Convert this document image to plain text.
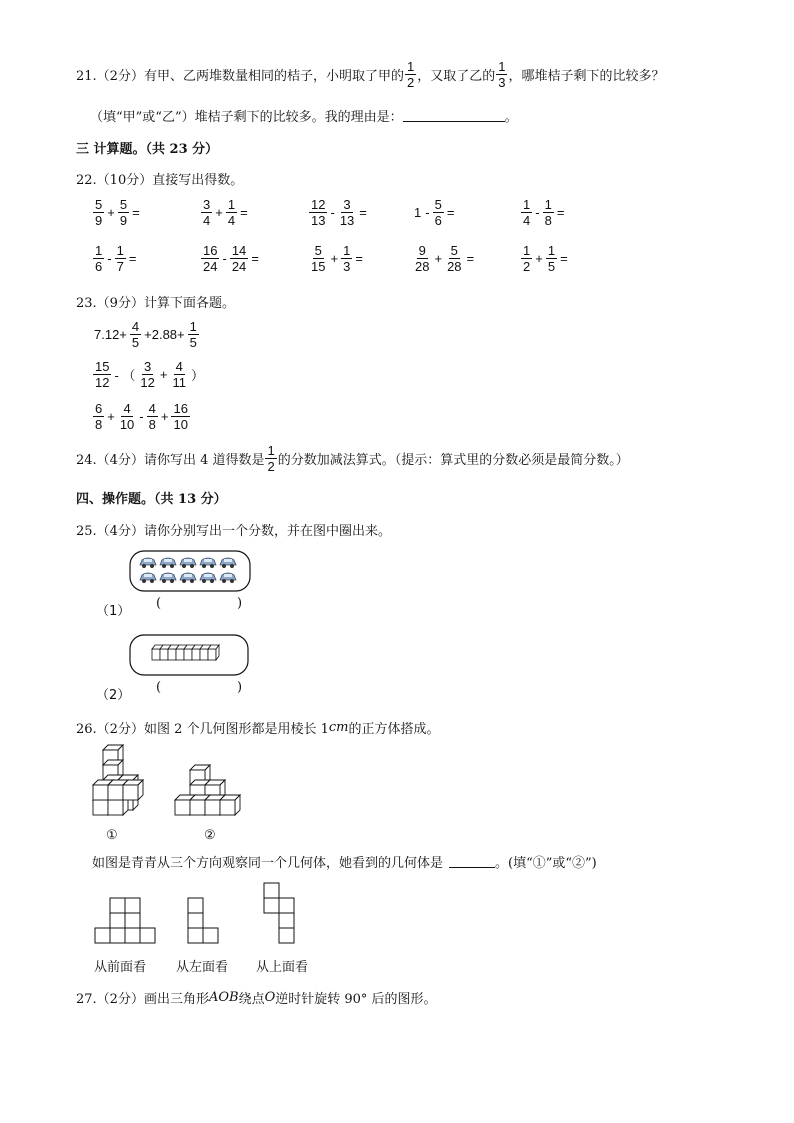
21.（2分）有甲、乙两堆数量相同的桔子，小明取了甲的 $\frac{1}{2}$ ，又取了乙的 $\frac{1}{3}$ ，哪堆桔子剩下的比较多？
（填“甲”或“乙”）堆桔子剩下的比较多。我的理由是：	。
三 计算题。（共 23 分）
22.（10分）直接写出得数。
$\frac{5}{9} + \frac{5}{9}$ =	$\frac{3}{4} + \frac{1}{4}$ =	$\frac{12}{13} - \frac{3}{13}$ =	$1 - \frac{5}{6}$ =	$\frac{1}{4} - \frac{1}{8}$ =
$\frac{1}{6} - \frac{1}{7}$ =	$\frac{16}{24} - \frac{14}{24}$ =	$\frac{5}{15} + \frac{1}{3}$ =	$\frac{9}{28} + \frac{5}{28}$ =	$\frac{1}{2} + \frac{1}{5}$ =
23.（9分）计算下面各题。
$7.12+ \frac{4}{5} +2.88+ \frac{1}{5}$
$\frac{15}{12}$ - （ $\frac{3}{12} + \frac{4}{11}$ ）
$\frac{6}{8} + \frac{4}{10} - \frac{4}{8} + \frac{16}{10}$
24.（4分）请你写出 4 道得数是 $\frac{1}{2}$ 的分数加减法算式。（提示：算式里的分数必须是最简分数。）
四、操作题。（共 13 分）
25.（4分）请你分别写出一个分数，并在图中圈出来。
（1）
(	)
（2）
(	)
26.（2分）如图 2 个几何图形都是用棱长 1 cm 的正方体搭成。
①	②
如图是青青从三个方向观察同一个几何体，她看到的几何体是	。(填“①”或“②”)
从前面看 从左面看 从上面看
27.（2分）画出三角形 AOB 绕点 O 逆时针旋转 90° 后的图形。
